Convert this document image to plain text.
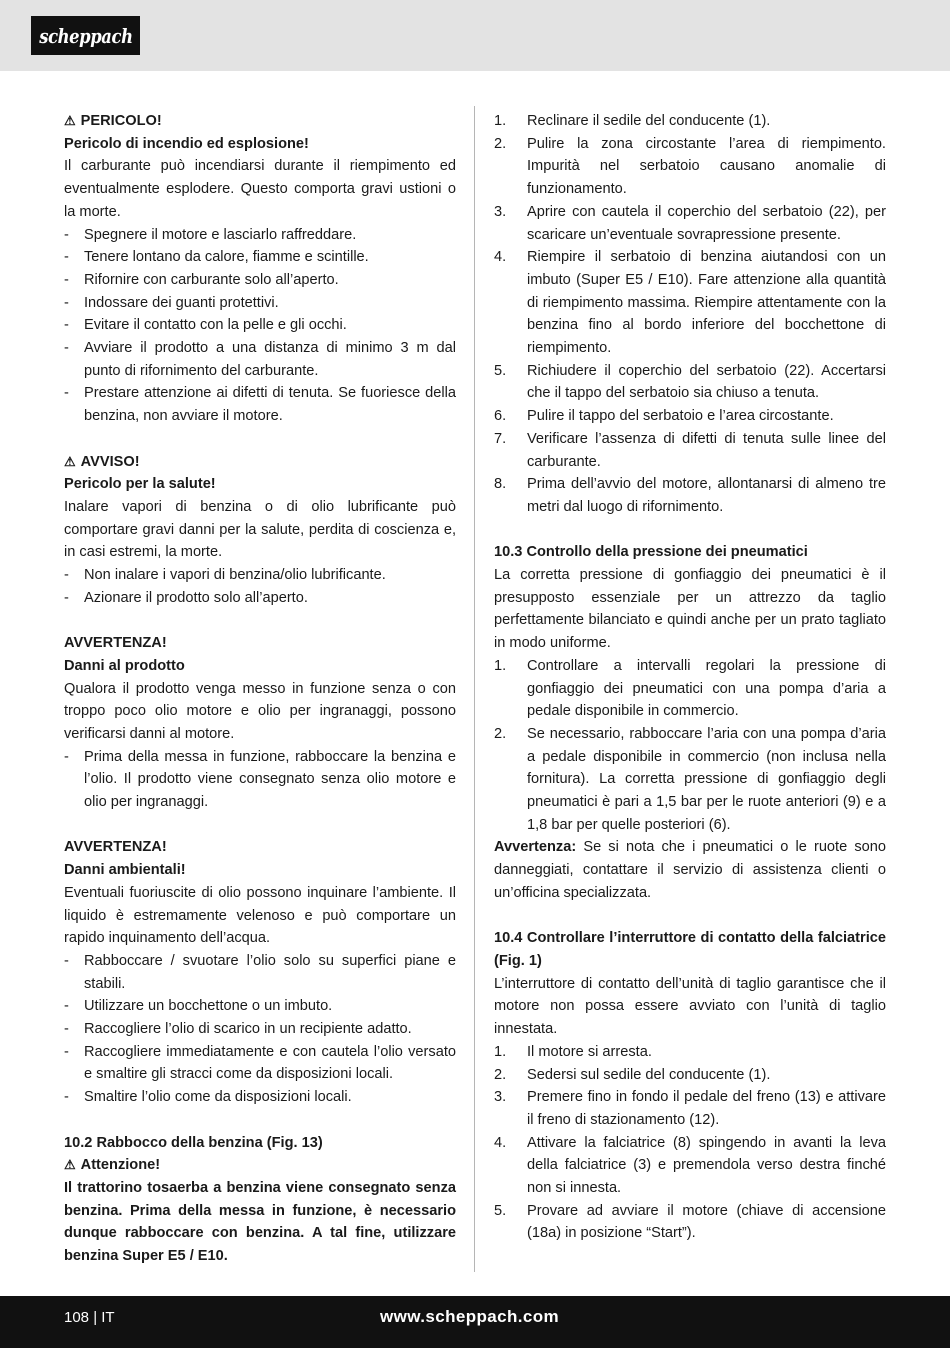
scheppach

⚠ PERICOLO!

Pericolo di incendio ed esplosione!

Il carburante può incendiarsi durante il riempimento ed eventualmente esplodere. Questo comporta gravi ustioni o la morte.

-	Spegnere il motore e lasciarlo raffreddare.
-	Tenere lontano da calore, fiamme e scintille.
-	Rifornire con carburante solo all’aperto.
-	Indossare dei guanti protettivi.
-	Evitare il contatto con la pelle e gli occhi.
-	Avviare il prodotto a una distanza di minimo 3 m dal punto di rifornimento del carburante.
-	Prestare attenzione ai difetti di tenuta. Se fuoriesce della benzina, non avviare il motore.

⚠ AVVISO!

Pericolo per la salute!

Inalare vapori di benzina o di olio lubrificante può comportare gravi danni per la salute, perdita di coscienza e, in casi estremi, la morte.

-	Non inalare i vapori di benzina/olio lubrificante.
-	Azionare il prodotto solo all’aperto.

AVVERTENZA!

Danni al prodotto

Qualora il prodotto venga messo in funzione senza o con troppo poco olio motore e olio per ingranaggi, possono verificarsi danni al motore.

-	Prima della messa in funzione, rabboccare la benzina e l’olio. Il prodotto viene consegnato senza olio motore e olio per ingranaggi.

AVVERTENZA!

Danni ambientali!

Eventuali fuoriuscite di olio possono inquinare l’ambiente. Il liquido è estremamente velenoso e può comportare un rapido inquinamento dell’acqua.

-	Rabboccare / svuotare l’olio solo su superfici piane e stabili.
-	Utilizzare un bocchettone o un imbuto.
-	Raccogliere l’olio di scarico in un recipiente adatto.
-	Raccogliere immediatamente e con cautela l’olio versato e smaltire gli stracci come da disposizioni locali.
-	Smaltire l’olio come da disposizioni locali.

10.2 Rabbocco della benzina (Fig. 13)

⚠ Attenzione!

Il trattorino tosaerba a benzina viene consegnato senza benzina. Prima della messa in funzione, è necessario dunque rabboccare con benzina. A tal fine, utilizzare benzina Super E5 / E10.

1.	Reclinare il sedile del conducente (1).
2.	Pulire la zona circostante l’area di riempimento. Impurità nel serbatoio causano anomalie di funzionamento.
3.	Aprire con cautela il coperchio del serbatoio (22), per scaricare un’eventuale sovrapressione presente.
4.	Riempire il serbatoio di benzina aiutandosi con un imbuto (Super E5 / E10). Fare attenzione alla quantità di riempimento massima. Riempire attentamente con la benzina fino al bordo inferiore del bocchettone di riempimento.
5.	Richiudere il coperchio del serbatoio (22). Accertarsi che il tappo del serbatoio sia chiuso a tenuta.
6.	Pulire il tappo del serbatoio e l’area circostante.
7.	Verificare l’assenza di difetti di tenuta sulle linee del carburante.
8.	Prima dell’avvio del motore, allontanarsi di almeno tre metri dal luogo di rifornimento.

10.3 Controllo della pressione dei pneumatici

La corretta pressione di gonfiaggio dei pneumatici è il presupposto essenziale per un attrezzo da taglio perfettamente bilanciato e quindi anche per un prato tagliato in modo uniforme.

1.	Controllare a intervalli regolari la pressione di gonfiaggio dei pneumatici con una pompa d’aria a pedale disponibile in commercio.
2.	Se necessario, rabboccare l’aria con una pompa d’aria a pedale disponibile in commercio (non inclusa nella fornitura). La corretta pressione di gonfiaggio degli pneumatici è pari a 1,5 bar per le ruote anteriori (9) e a 1,8 bar per quelle posteriori (6).

Avvertenza: Se si nota che i pneumatici o le ruote sono danneggiati, contattare il servizio di assistenza clienti o un’officina specializzata.

10.4 Controllare l’interruttore di contatto della falciatrice (Fig. 1)

L’interruttore di contatto dell’unità di taglio garantisce che il motore non possa essere avviato con l’unità di taglio innestata.

1.	Il motore si arresta.
2.	Sedersi sul sedile del conducente (1).
3.	Premere fino in fondo il pedale del freno (13) e attivare il freno di stazionamento (12).
4.	Attivare la falciatrice (8) spingendo in avanti la leva della falciatrice (3) e premendola verso destra finché non si innesta.
5.	Provare ad avviare il motore (chiave di accensione (18a) in posizione “Start”).
108 | IT	www.scheppach.com
